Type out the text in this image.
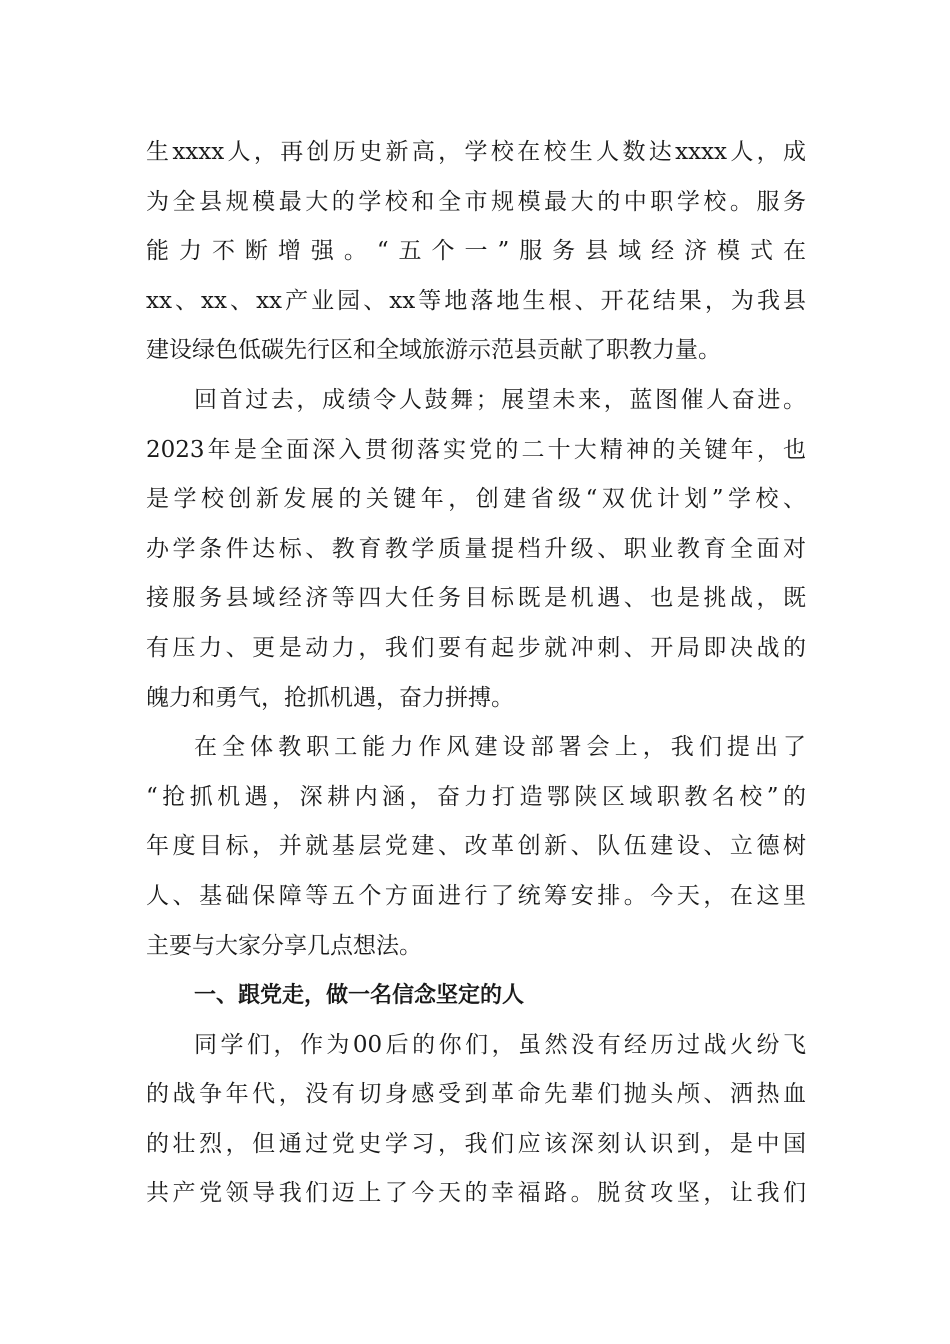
生xxxx人，再创历史新高，学校在校生人数达xxxx人，成
为全县规模最大的学校和全市规模最大的中职学校。服务
能力不断增强。“五个一”服务县域经济模式在
xx、xx、xx产业园、xx等地落地生根、开花结果，为我县
建设绿色低碳先行区和全域旅游示范县贡献了职教力量。
回首过去，成绩令人鼓舞；展望未来，蓝图催人奋进。
2023年是全面深入贯彻落实党的二十大精神的关键年，也
是学校创新发展的关键年，创建省级“双优计划”学校、
办学条件达标、教育教学质量提档升级、职业教育全面对
接服务县域经济等四大任务目标既是机遇、也是挑战，既
有压力、更是动力，我们要有起步就冲刺、开局即决战的
魄力和勇气，抢抓机遇，奋力拼搏。
在全体教职工能力作风建设部署会上，我们提出了
“抢抓机遇，深耕内涵，奋力打造鄂陕区域职教名校”的
年度目标，并就基层党建、改革创新、队伍建设、立德树
人、基础保障等五个方面进行了统筹安排。今天，在这里
主要与大家分享几点想法。
一、跟党走，做一名信念坚定的人
同学们，作为00后的你们，虽然没有经历过战火纷飞
的战争年代，没有切身感受到革命先辈们抛头颅、洒热血
的壮烈，但通过党史学习，我们应该深刻认识到，是中国
共产党领导我们迈上了今天的幸福路。脱贫攻坚，让我们
